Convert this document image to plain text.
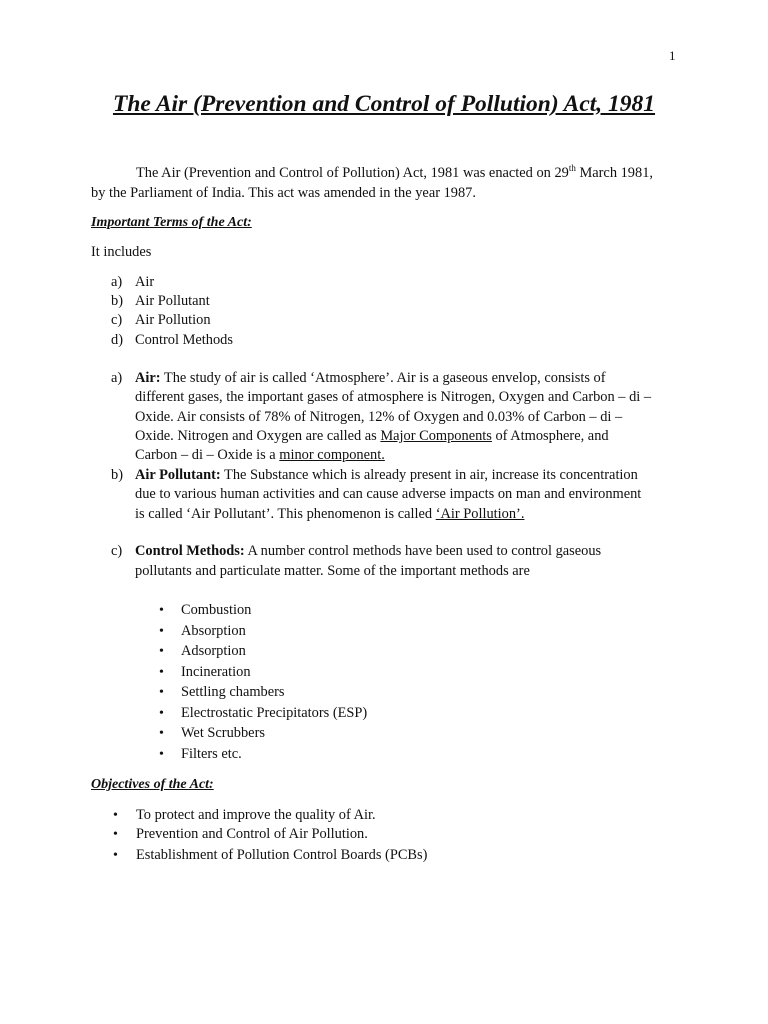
1
The Air (Prevention and Control of Pollution) Act, 1981

The Air (Prevention and Control of Pollution) Act, 1981 was enacted on 29th March 1981,

by the Parliament of India. This act was amended in the year 1987.

Important Terms of the Act:

It includes

a) Air
b) Air Pollutant
c) Air Pollution
d) Control Methods
a) Air: The study of air is called ‘Atmosphere’. Air is a gaseous envelop, consists of
different gases, the important gases of atmosphere is Nitrogen, Oxygen and Carbon – di –
Oxide. Air consists of 78% of Nitrogen, 12% of Oxygen and 0.03% of Carbon – di –
Oxide. Nitrogen and Oxygen are called as Major Components of Atmosphere, and
Carbon – di – Oxide is a minor component.
b) Air Pollutant: The Substance which is already present in air, increase its concentration
due to various human activities and can cause adverse impacts on man and environment
is called ‘Air Pollutant’. This phenomenon is called ‘Air Pollution’.
c) Control Methods: A number control methods have been used to control gaseous
pollutants and particulate matter. Some of the important methods are
• Combustion
• Absorption
• Adsorption
• Incineration
• Settling chambers
• Electrostatic Precipitators (ESP)
• Wet Scrubbers
• Filters etc.

Objectives of the Act:

• To protect and improve the quality of Air.
• Prevention and Control of Air Pollution.
• Establishment of Pollution Control Boards (PCBs)
